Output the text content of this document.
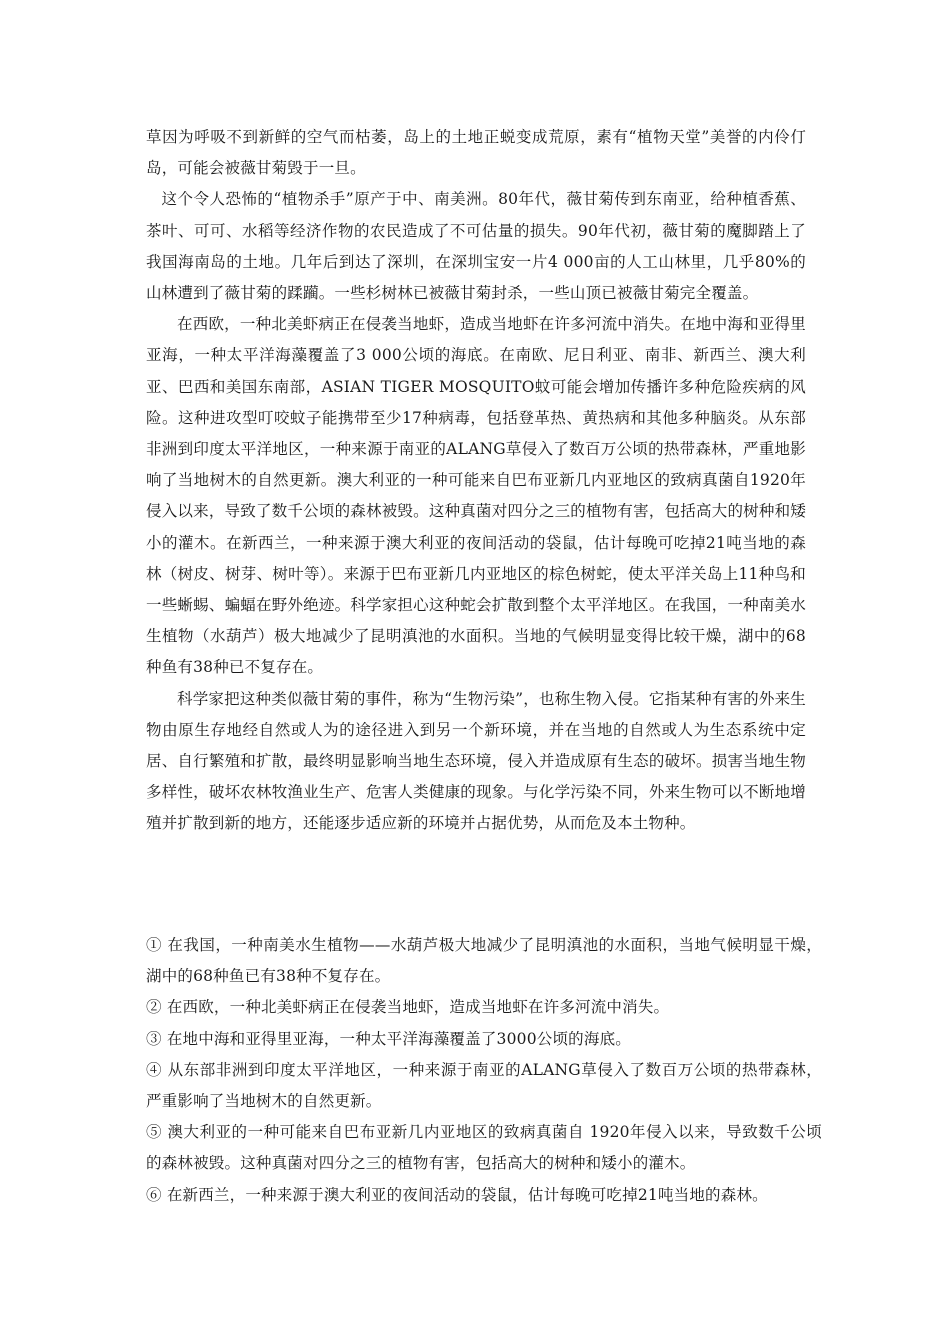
草因为呼吸不到新鲜的空气而枯萎，岛上的土地正蜕变成荒原，素有“植物天堂”美誉的内伶仃岛，可能会被薇甘菊毁于一旦。

这个令人恐怖的“植物杀手”原产于中、南美洲。80年代，薇甘菊传到东南亚，给种植香蕉、茶叶、可可、水稻等经济作物的农民造成了不可估量的损失。90年代初，薇甘菊的魔脚踏上了我国海南岛的土地。几年后到达了深圳，在深圳宝安一片4 000亩的人工山林里，几乎80%的山林遭到了薇甘菊的蹂躏。一些杉树林已被薇甘菊封杀，一些山顶已被薇甘菊完全覆盖。

在西欧，一种北美虾病正在侵袭当地虾，造成当地虾在许多河流中消失。在地中海和亚得里亚海，一种太平洋海藻覆盖了3 000公顷的海底。在南欧、尼日利亚、南非、新西兰、澳大利亚、巴西和美国东南部，ASIAN TIGER MOSQUITO蚊可能会增加传播许多种危险疾病的风险。这种进攻型叮咬蚊子能携带至少17种病毒，包括登革热、黄热病和其他多种脑炎。从东部非洲到印度太平洋地区，一种来源于南亚的ALANG草侵入了数百万公顷的热带森林，严重地影响了当地树木的自然更新。澳大利亚的一种可能来自巴布亚新几内亚地区的致病真菌自1920年侵入以来，导致了数千公顷的森林被毁。这种真菌对四分之三的植物有害，包括高大的树种和矮小的灌木。在新西兰，一种来源于澳大利亚的夜间活动的袋鼠，估计每晚可吃掉21吨当地的森林（树皮、树芽、树叶等）。来源于巴布亚新几内亚地区的棕色树蛇，使太平洋关岛上11种鸟和一些蜥蜴、蝙蝠在野外绝迹。科学家担心这种蛇会扩散到整个太平洋地区。在我国，一种南美水生植物（水葫芦）极大地减少了昆明滇池的水面积。当地的气候明显变得比较干燥，湖中的68种鱼有38种已不复存在。

科学家把这种类似薇甘菊的事件，称为“生物污染”，也称生物入侵。它指某种有害的外来生物由原生存地经自然或人为的途径进入到另一个新环境，并在当地的自然或人为生态系统中定居、自行繁殖和扩散，最终明显影响当地生态环境，侵入并造成原有生态的破坏。损害当地生物多样性，破坏农林牧渔业生产、危害人类健康的现象。与化学污染不同，外来生物可以不断地增殖并扩散到新的地方，还能逐步适应新的环境并占据优势，从而危及本土物种。

① 在我国，一种南美水生植物——水葫芦极大地减少了昆明滇池的水面积，当地气候明显干燥，湖中的68种鱼已有38种不复存在。

② 在西欧，一种北美虾病正在侵袭当地虾，造成当地虾在许多河流中消失。

③ 在地中海和亚得里亚海，一种太平洋海藻覆盖了3000公顷的海底。

④ 从东部非洲到印度太平洋地区，一种来源于南亚的ALANG草侵入了数百万公顷的热带森林，严重影响了当地树木的自然更新。

⑤ 澳大利亚的一种可能来自巴布亚新几内亚地区的致病真菌自 1920年侵入以来，导致数千公顷的森林被毁。这种真菌对四分之三的植物有害，包括高大的树种和矮小的灌木。

⑥ 在新西兰，一种来源于澳大利亚的夜间活动的袋鼠，估计每晚可吃掉21吨当地的森林。
